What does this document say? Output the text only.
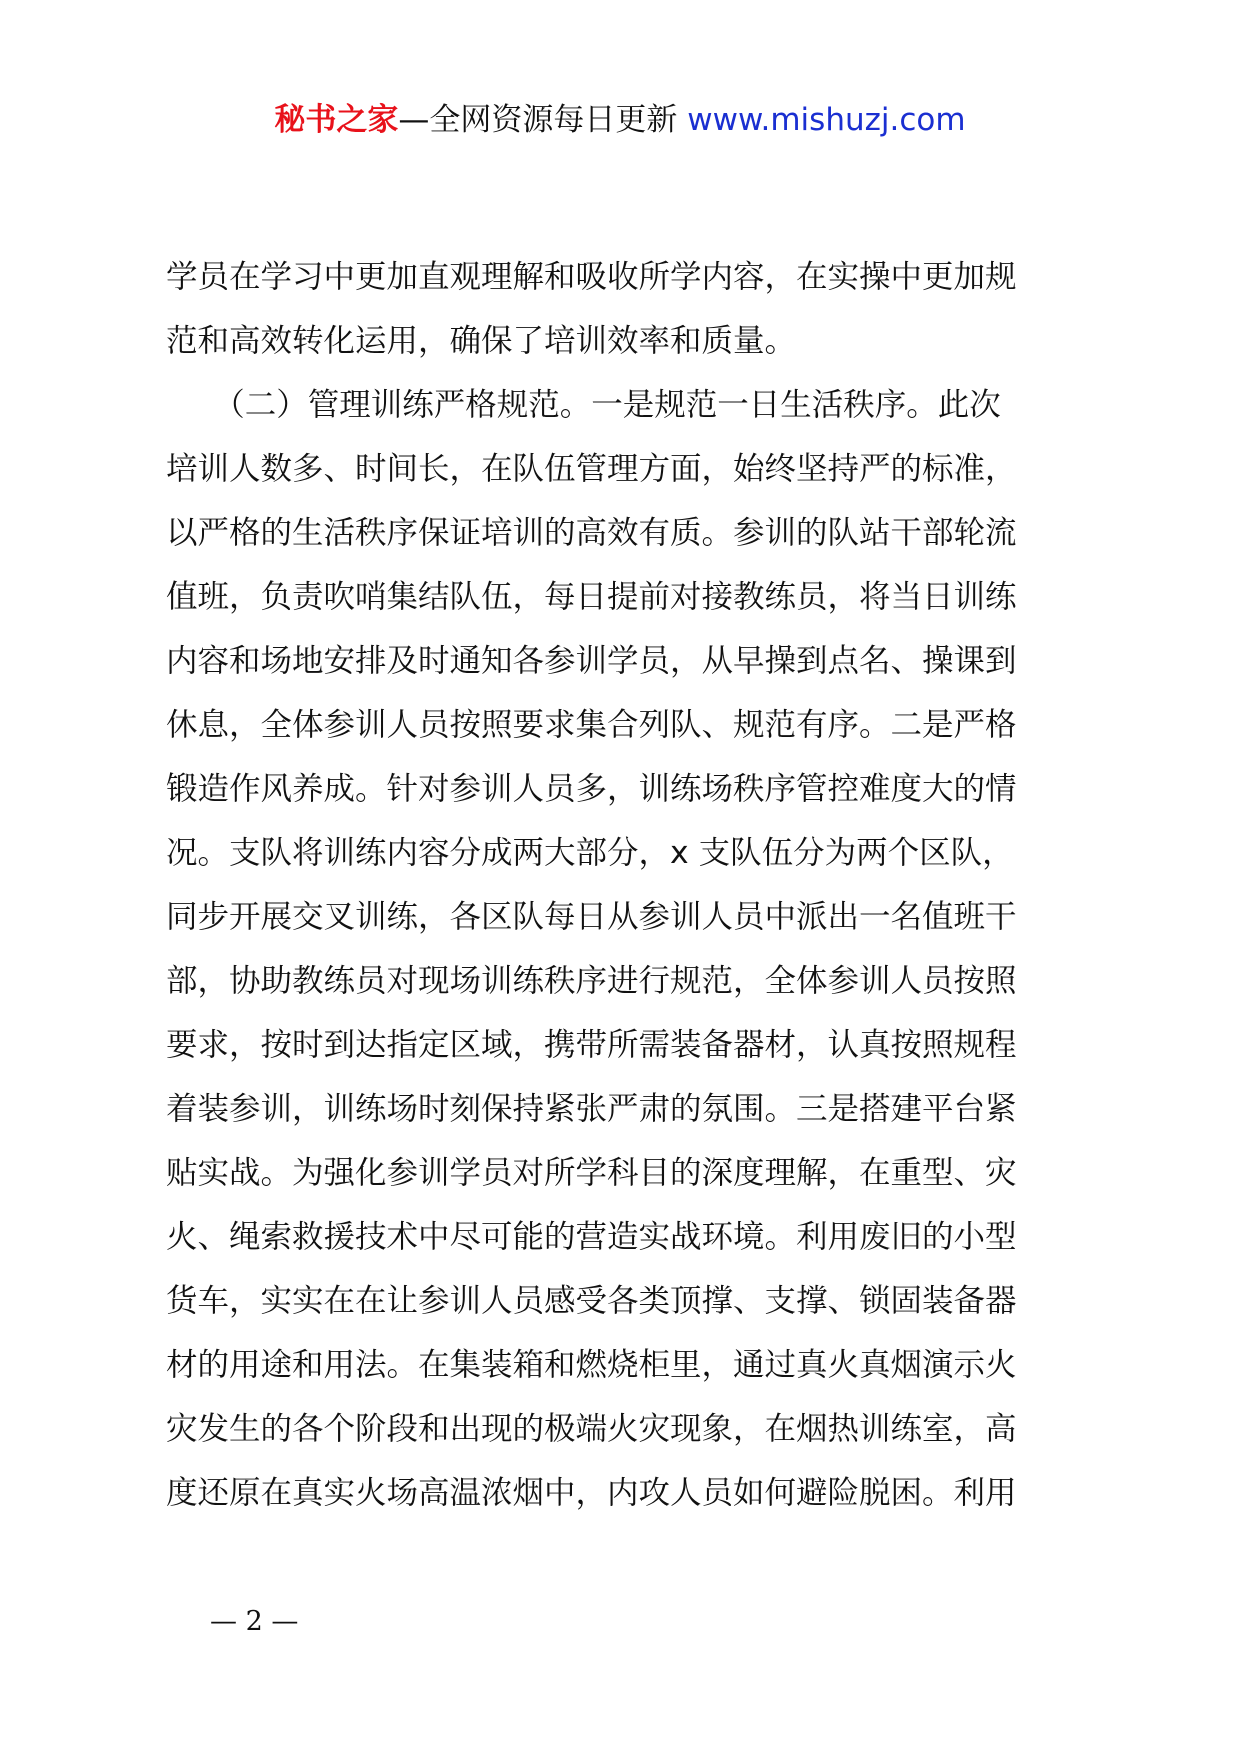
秘书之家—全网资源每日更新 www.mishuzj.com
学员在学习中更加直观理解和吸收所学内容，在实操中更加规
范和高效转化运用，确保了培训效率和质量。
　　（二）管理训练严格规范。一是规范一日生活秩序。此次
培训人数多、时间长，在队伍管理方面，始终坚持严的标准，
以严格的生活秩序保证培训的高效有质。参训的队站干部轮流
值班，负责吹哨集结队伍，每日提前对接教练员，将当日训练
内容和场地安排及时通知各参训学员，从早操到点名、操课到
休息，全体参训人员按照要求集合列队、规范有序。二是严格
锻造作风养成。针对参训人员多，训练场秩序管控难度大的情
况。支队将训练内容分成两大部分，x 支队伍分为两个区队，
同步开展交叉训练，各区队每日从参训人员中派出一名值班干
部，协助教练员对现场训练秩序进行规范，全体参训人员按照
要求，按时到达指定区域，携带所需装备器材，认真按照规程
着装参训，训练场时刻保持紧张严肃的氛围。三是搭建平台紧
贴实战。为强化参训学员对所学科目的深度理解，在重型、灾
火、绳索救援技术中尽可能的营造实战环境。利用废旧的小型
货车，实实在在让参训人员感受各类顶撑、支撑、锁固装备器
材的用途和用法。在集装箱和燃烧柜里，通过真火真烟演示火
灾发生的各个阶段和出现的极端火灾现象，在烟热训练室，高
度还原在真实火场高温浓烟中，内攻人员如何避险脱困。利用
— 2 —
